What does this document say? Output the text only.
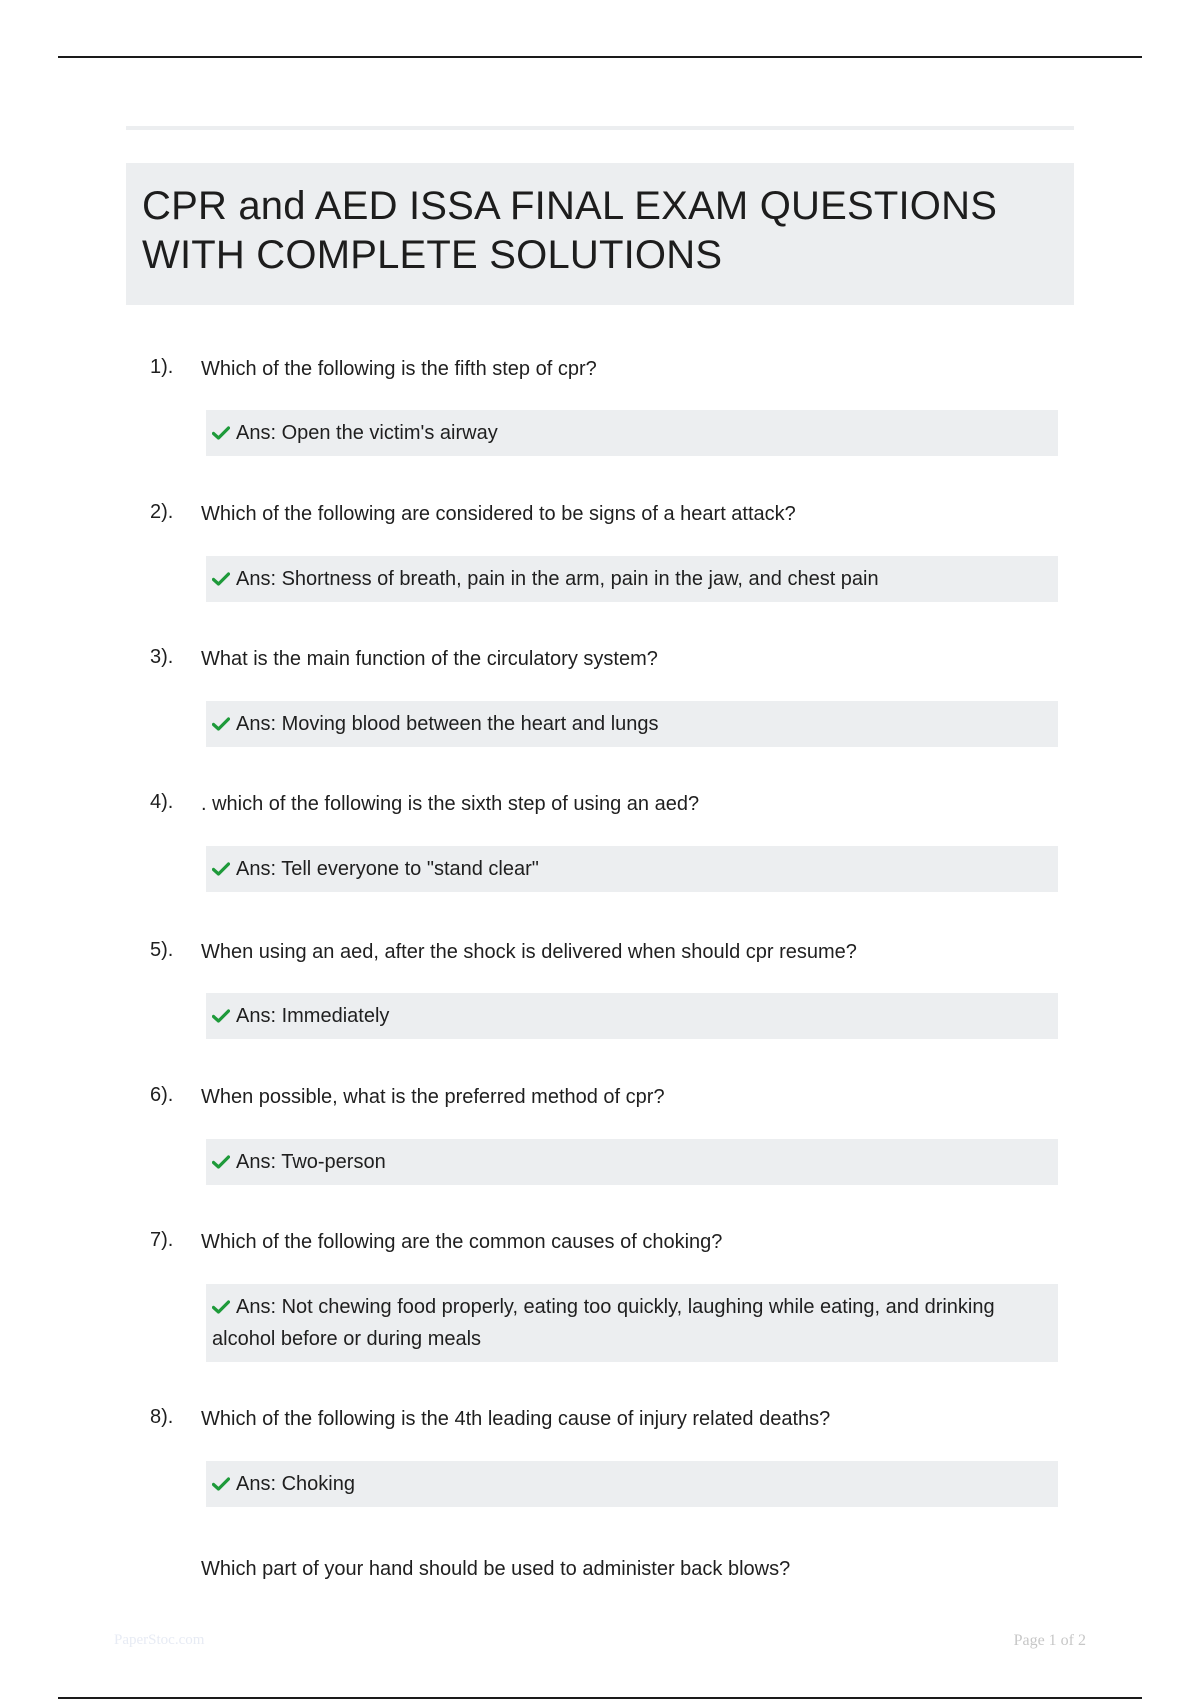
CPR and AED ISSA FINAL EXAM QUESTIONS
WITH COMPLETE SOLUTIONS
1). Which of the following is the fifth step of cpr?
Ans: Open the victim's airway
2). Which of the following are considered to be signs of a heart attack?
Ans: Shortness of breath, pain in the arm, pain in the jaw, and chest pain
3). What is the main function of the circulatory system?
Ans: Moving blood between the heart and lungs
4). . which of the following is the sixth step of using an aed?
Ans: Tell everyone to "stand clear"
5). When using an aed, after the shock is delivered when should cpr resume?
Ans: Immediately
6). When possible, what is the preferred method of cpr?
Ans: Two-person
7). Which of the following are the common causes of choking?
Ans: Not chewing food properly, eating too quickly, laughing while eating, and drinking alcohol before or during meals
8). Which of the following is the 4th leading cause of injury related deaths?
Ans: Choking
Which part of your hand should be used to administer back blows?
PaperStoc.com	Page 1 of 2
